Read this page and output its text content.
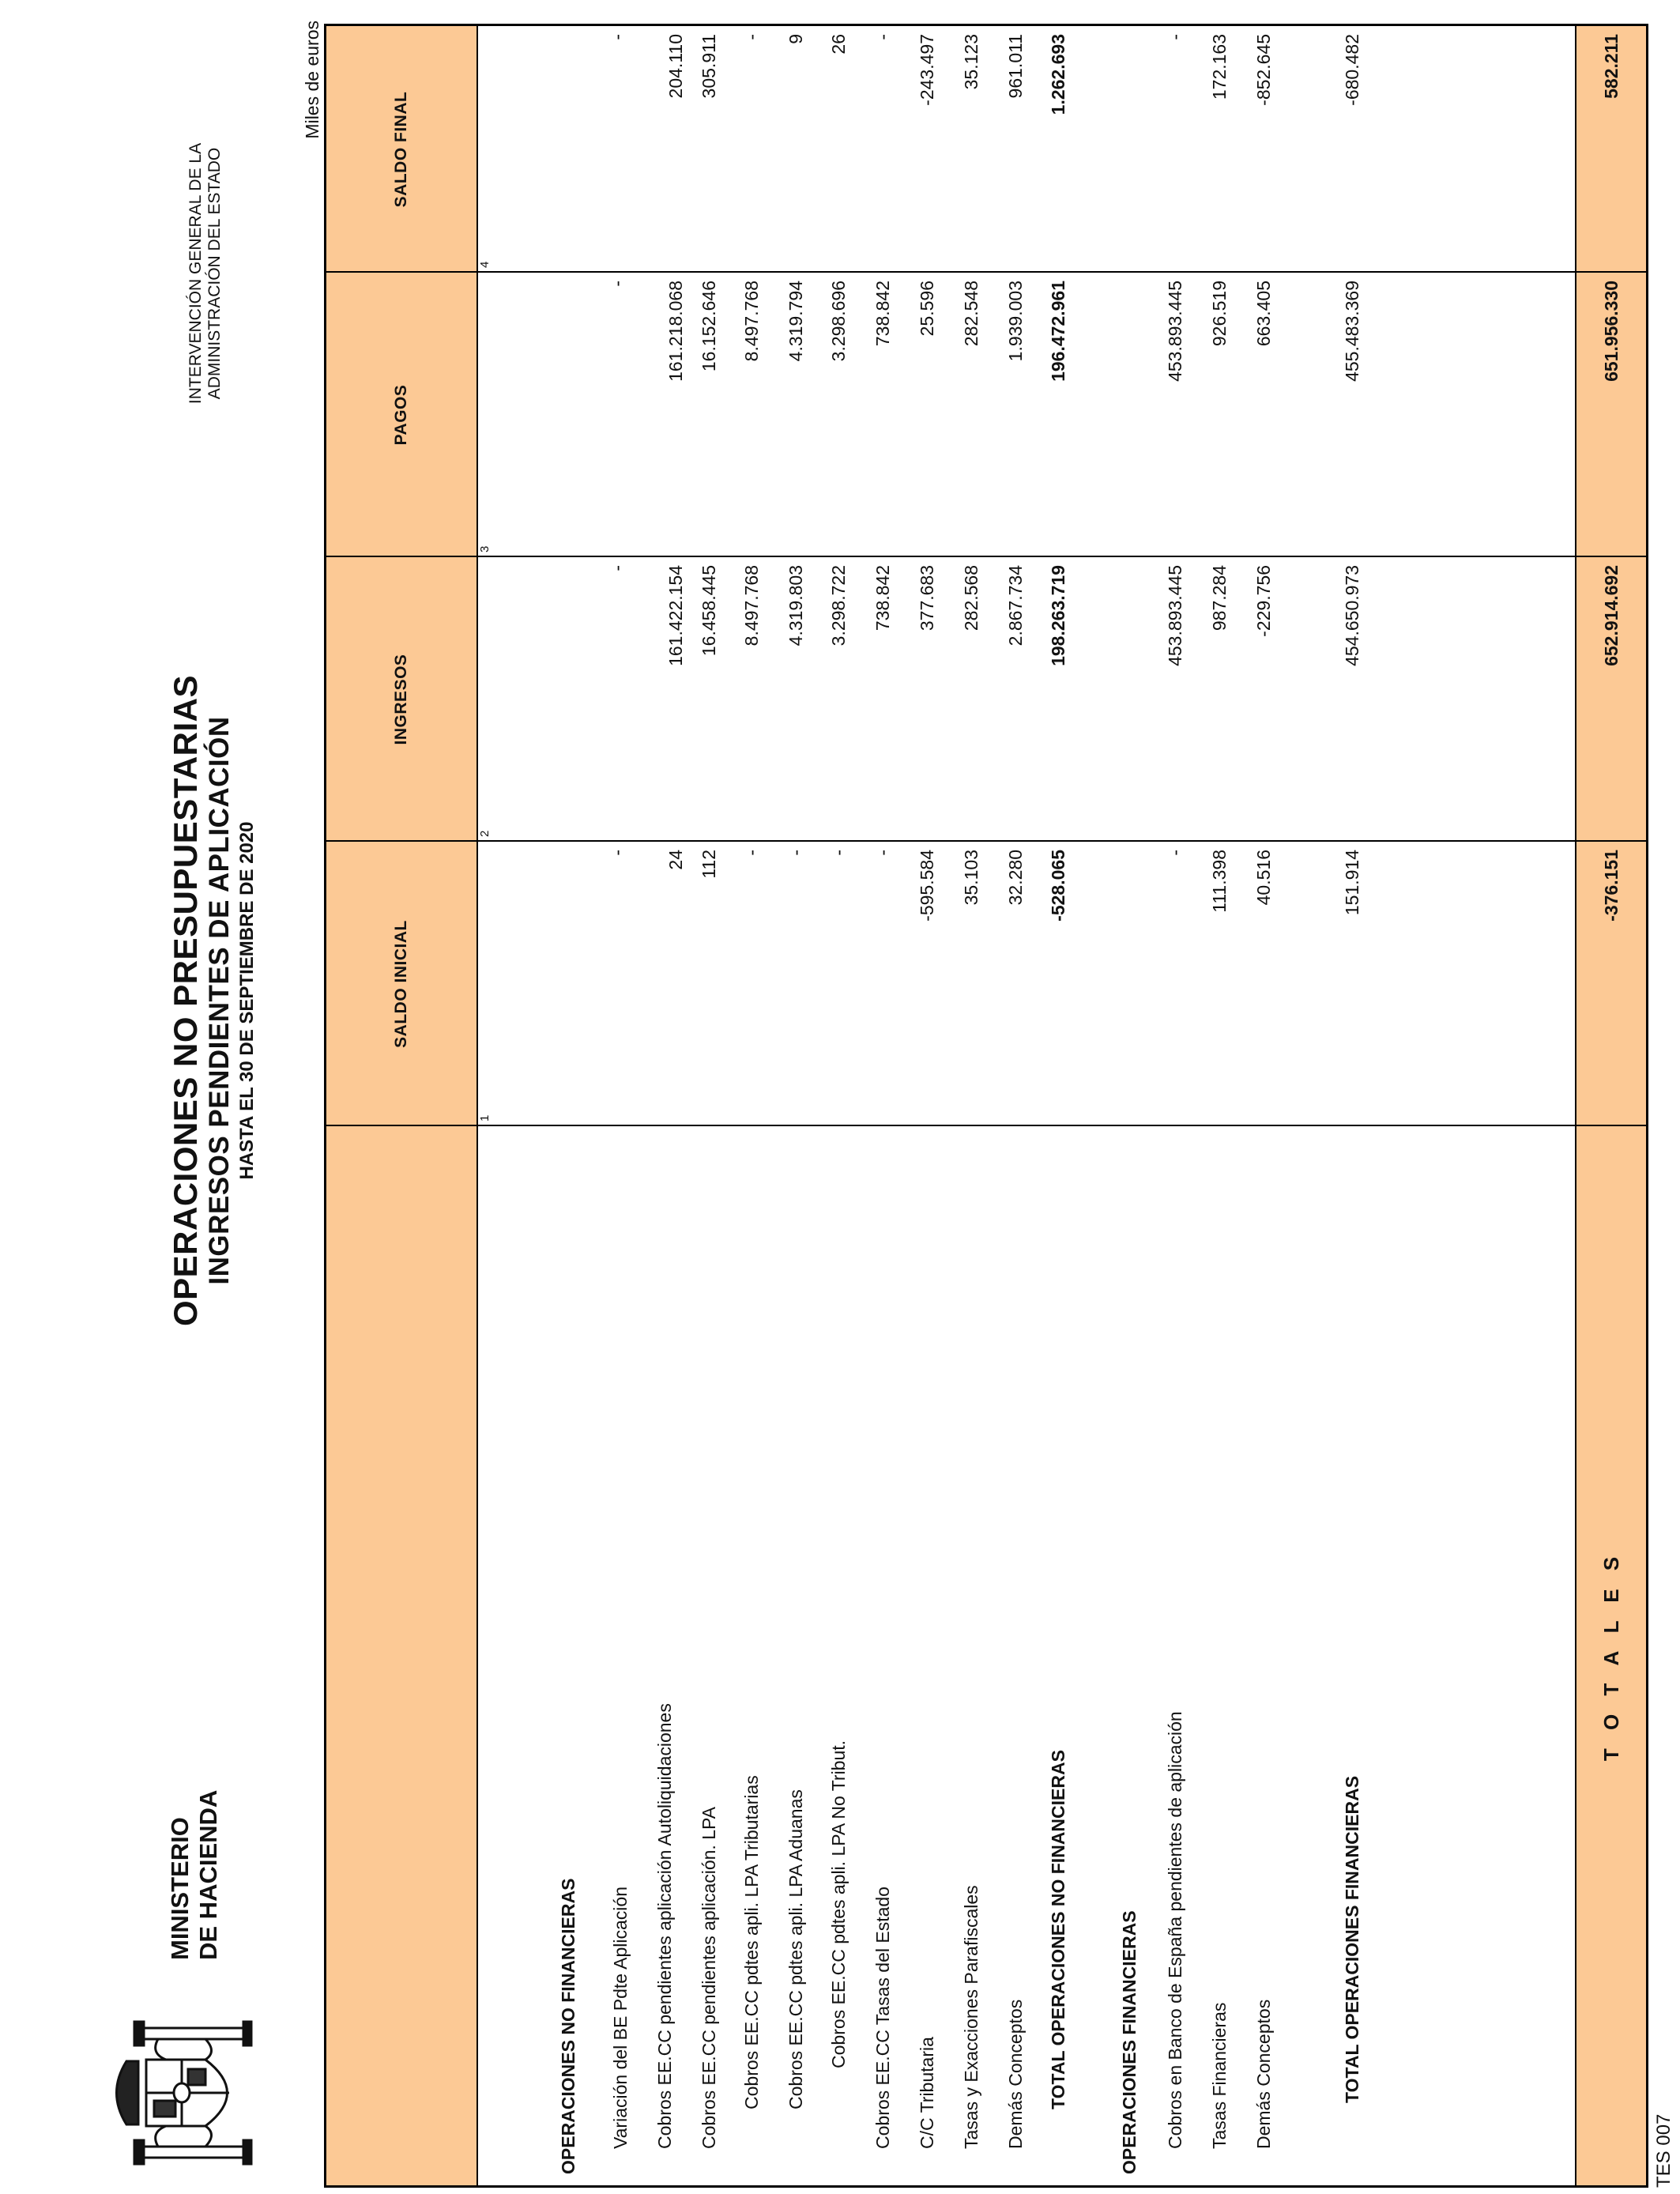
MINISTERIO DE HACIENDA
OPERACIONES NO PRESUPUESTARIAS INGRESOS PENDIENTES DE APLICACIÓN HASTA EL 30 DE SEPTIEMBRE DE 2020
INTERVENCIÓN GENERAL DE LA ADMINISTRACIÓN DEL ESTADO
Miles de euros
SALDO INICIAL
1
INGRESOS
2
PAGOS
3
SALDO FINAL
4
OPERACIONES NO FINANCIERAS Variación del BE Pdte Aplicación
-
-
-
-
Cobros EE.CC pendientes aplicación Autoliquidaciones
24
161.422.154
161.218.068
204.110
Cobros EE.CC pendientes aplicación. LPA
112
16.458.445
16.152.646
305.911
Cobros EE.CC pdtes apli. LPA Tributarias
-
8.497.768
8.497.768
-
Cobros EE.CC pdtes apli. LPA Aduanas
-
4.319.803
4.319.794
9
Cobros EE.CC pdtes apli. LPA No Tribut.
-
3.298.722
3.298.696
26
Cobros EE.CC Tasas del Estado
-
738.842
738.842
-
C/C Tributaria
-595.584
377.683
25.596
-243.497
Tasas y Exacciones Parafiscales
35.103
282.568
282.548
35.123
Demás Conceptos
32.280
2.867.734
1.939.003
961.011
TOTAL OPERACIONES NO FINANCIERAS
-528.065
198.263.719
196.472.961
1.262.693
OPERACIONES FINANCIERAS Cobros en Banco de España pendientes de aplicación
-
453.893.445
453.893.445
-
Tasas Financieras
111.398
987.284
926.519
172.163
Demás Conceptos
40.516
-229.756
663.405
-852.645
TOTAL OPERACIONES FINANCIERAS
151.914
454.650.973
455.483.369
-680.482
T O T A L E S
-376.151
652.914.692
651.956.330
582.211
TES 007
